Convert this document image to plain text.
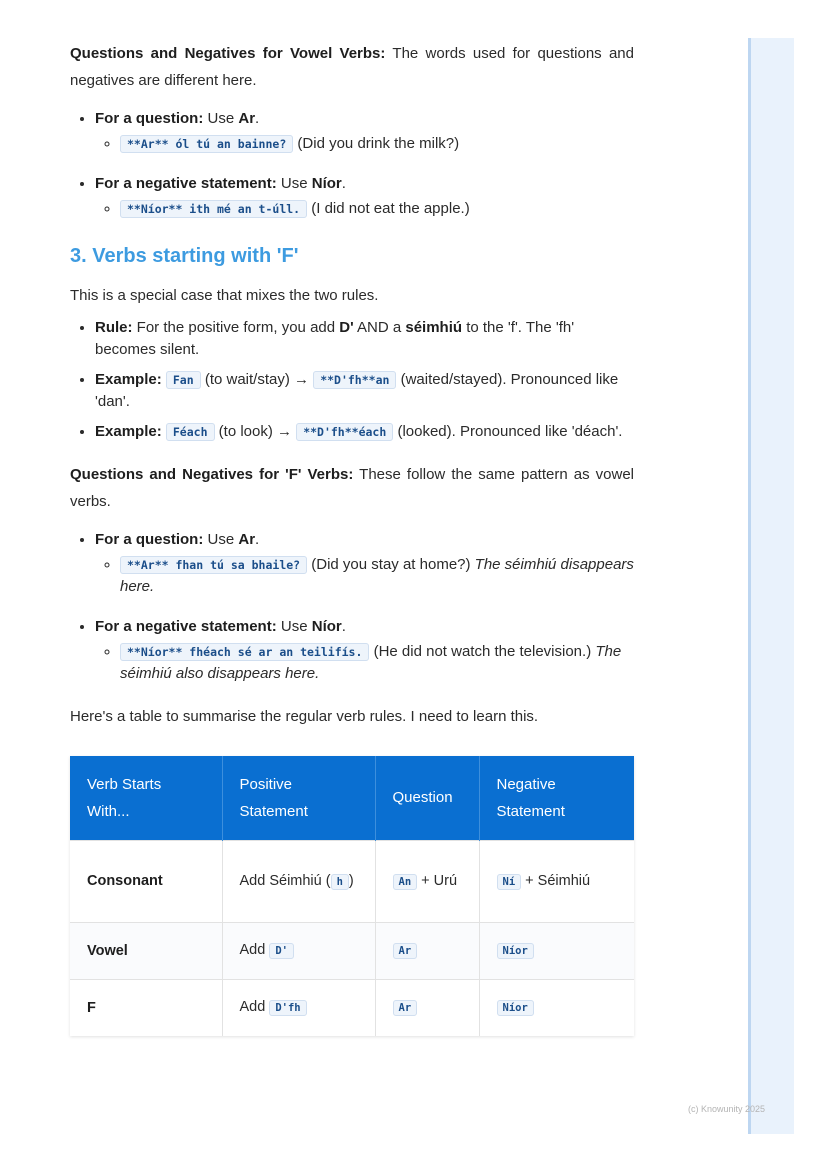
Questions and Negatives for Vowel Verbs: The words used for questions and negatives are different here.

• For a question: Use Ar.
◦ **Ar** ól tú an bainne? (Did you drink the milk?)
• For a negative statement: Use Níor.
◦ **Níor** ith mé an t-úll. (I did not eat the apple.)
3. Verbs starting with 'F'

This is a special case that mixes the two rules.

• Rule: For the positive form, you add D' AND a séimhiú to the 'f'. The 'fh' becomes silent.
• Example: Fan (to wait/stay) → **D'fh**an (waited/stayed). Pronounced like 'dan'.
• Example: Féach (to look) → **D'fh**éach (looked). Pronounced like 'déach'.

Questions and Negatives for 'F' Verbs: These follow the same pattern as vowel verbs.

• For a question: Use Ar.
◦ **Ar** fhan tú sa bhaile? (Did you stay at home?) The séimhiú disappears here.
• For a negative statement: Use Níor.
◦ **Níor** fhéach sé ar an teilifís. (He did not watch the television.) The séimhiú also disappears here.

Here's a table to summarise the regular verb rules. I need to learn this.

Verb Starts With...	Positive Statement	Question	Negative Statement
Consonant	Add Séimhiú ( h )	An + Urú	Ní + Séimhiú
Vowel	Add D'	Ar	Níor
F	Add D'fh	Ar	Níor
(c) Knowunity 2025
